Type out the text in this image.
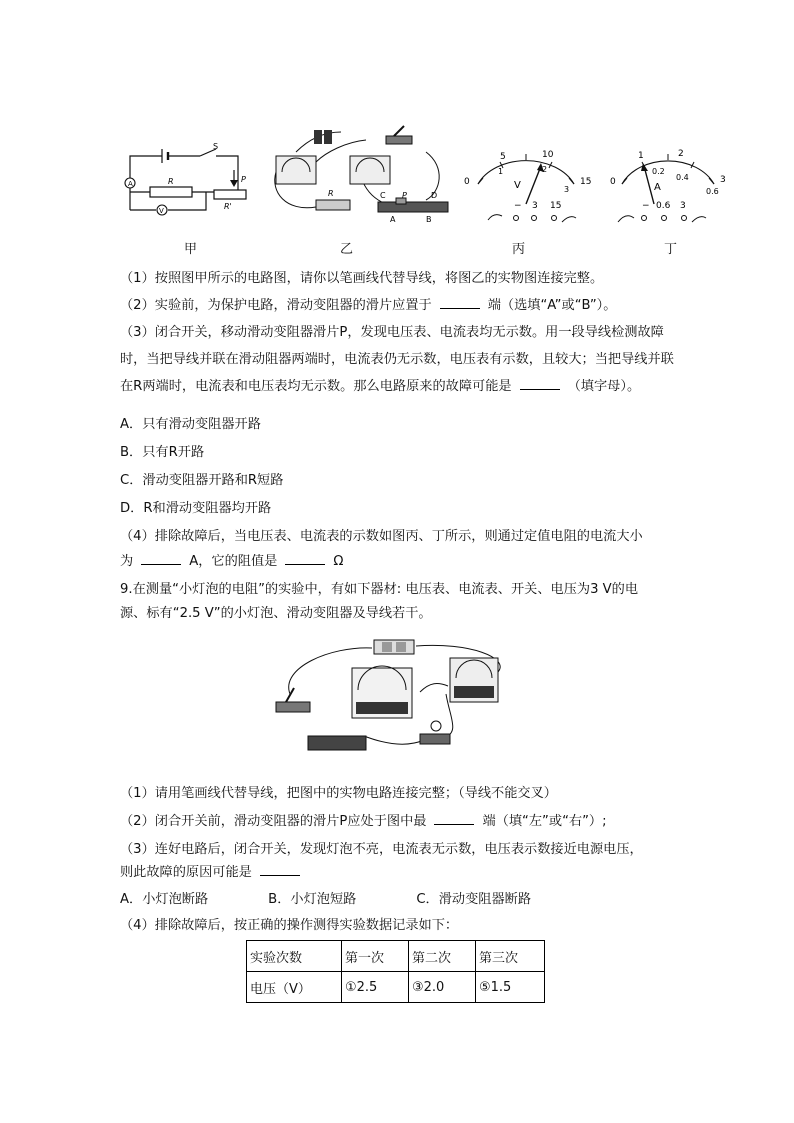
A
V
S
R	P
R'
甲
R	C P	D
A	B
乙
0
5	10
15
1	2
3
V
− 3 15
丙
0
1	2
3
0.2
0.4
0.6
A
− 0.6 3
丁
（1）按照图甲所示的电路图，请你以笔画线代替导线，将图乙的实物图连接完整。
（2）实验前，为保护电路，滑动变阻器的滑片应置于	端（选填“A”或“B”）。
（3）闭合开关，移动滑动变阻器滑片P，发现电压表、电流表均无示数。用一段导线检测故障时，当把导线并联在滑动阻器两端时，电流表仍无示数，电压表有示数，且较大；当把导线并联在R两端时，电流表和电压表均无示数。那么电路原来的故障可能是	（填字母）。
A．只有滑动变阻器开路
B．只有R开路
C．滑动变阻器开路和R短路
D．R和滑动变阻器均开路
（4）排除故障后，当电压表、电流表的示数如图丙、丁所示，则通过定值电阻的电流大小
为	A，它的阻值是	Ω
9.在测量“小灯泡的电阻”的实验中，有如下器材: 电压表、电流表、开关、电压为3 V的电
源、标有“2.5 V”的小灯泡、滑动变阻器及导线若干。
（1）请用笔画线代替导线，把图中的实物电路连接完整；（导线不能交叉）
（2）闭合开关前，滑动变阻器的滑片P应处于图中最	端（填“左”或“右”）;
（3）连好电路后，闭合开关，发现灯泡不亮，电流表无示数，电压表示数接近电源电压，
则此故障的原因可能是
A．小灯泡断路	B．小灯泡短路	C．滑动变阻器断路
（4）排除故障后，按正确的操作测得实验数据记录如下：
实验次数	第一次	第二次	第三次
电压（V）	①2.5	③2.0	⑤1.5
